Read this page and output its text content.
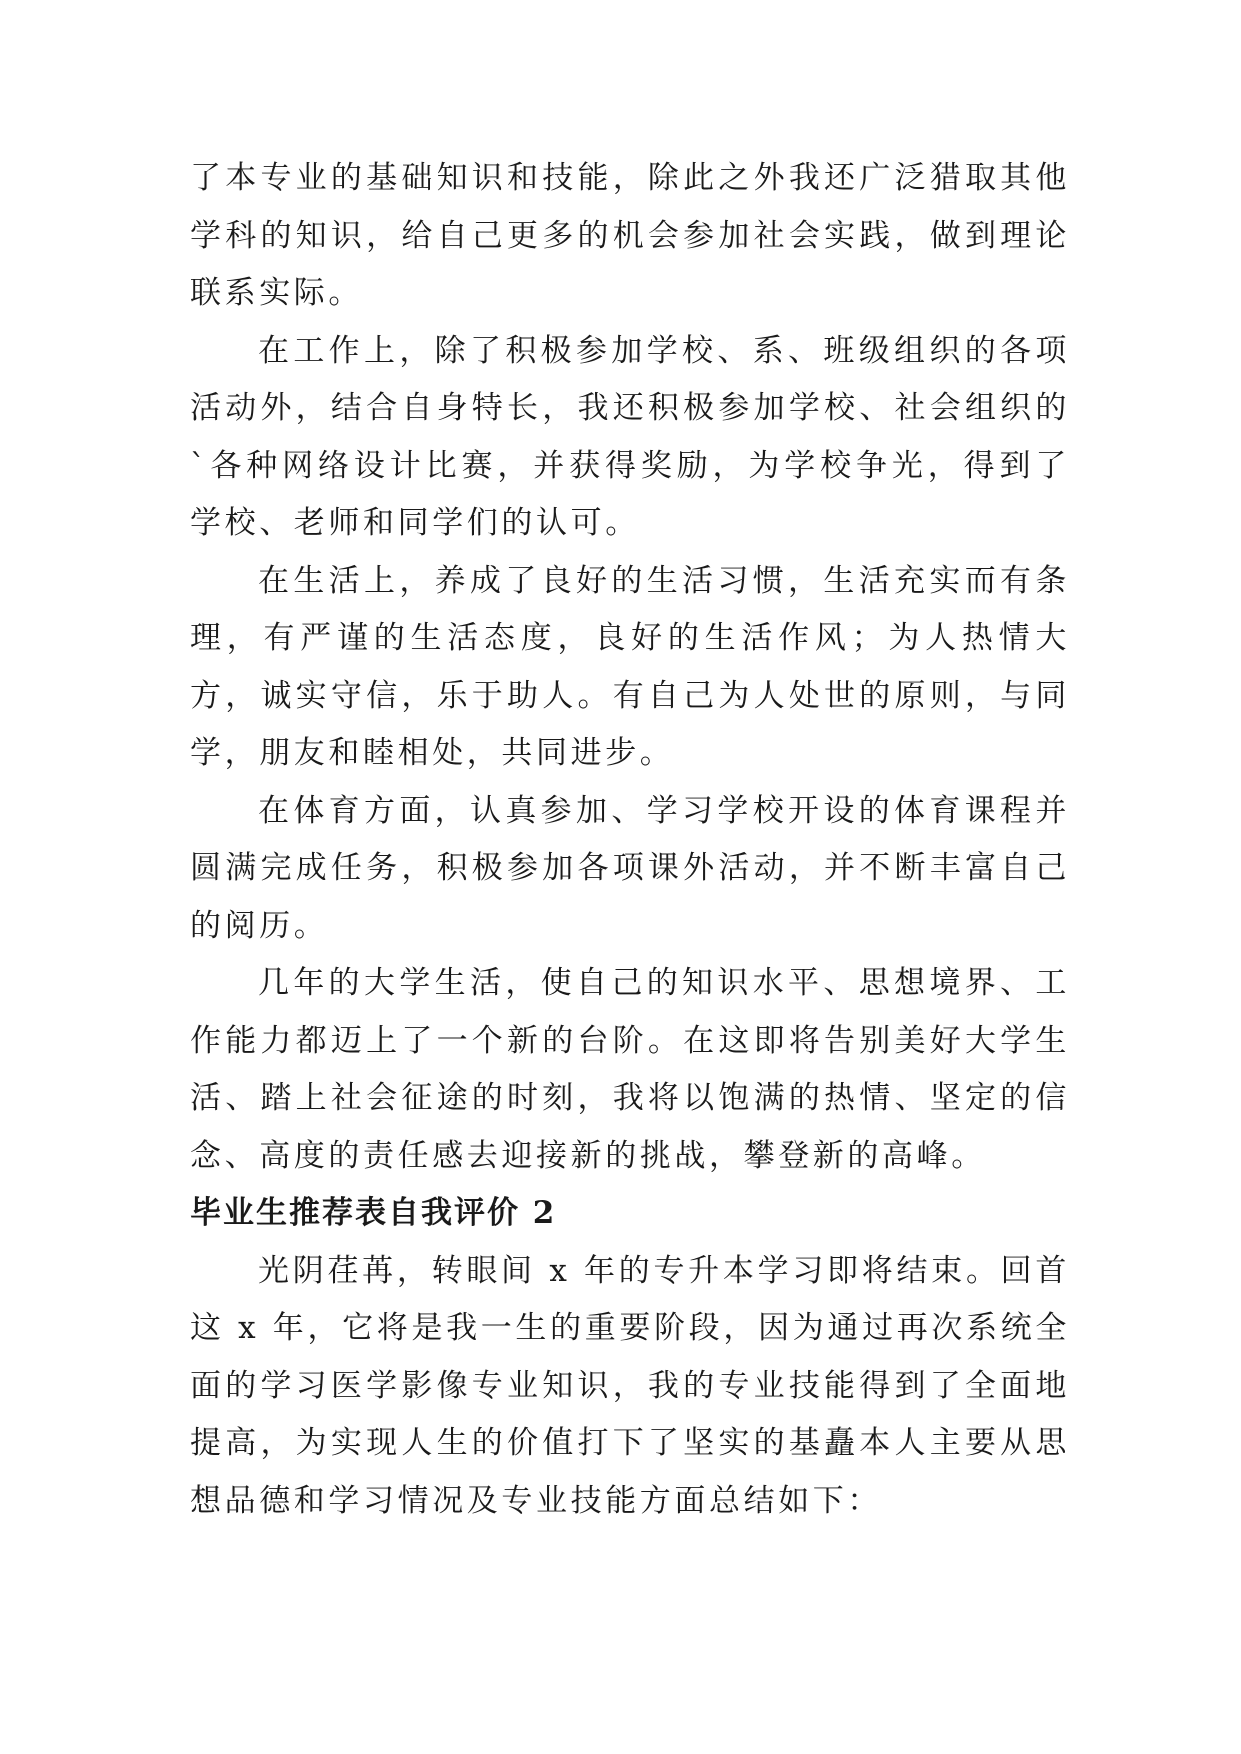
了本专业的基础知识和技能，除此之外我还广泛猎取其他学科的知识，给自己更多的机会参加社会实践，做到理论联系实际。

在工作上，除了积极参加学校、系、班级组织的各项活动外，结合自身特长，我还积极参加学校、社会组织的`各种网络设计比赛，并获得奖励，为学校争光，得到了学校、老师和同学们的认可。

在生活上，养成了良好的生活习惯，生活充实而有条理，有严谨的生活态度，良好的生活作风；为人热情大方，诚实守信，乐于助人。有自己为人处世的原则，与同学，朋友和睦相处，共同进步。

在体育方面，认真参加、学习学校开设的体育课程并圆满完成任务，积极参加各项课外活动，并不断丰富自己的阅历。

几年的大学生活，使自己的知识水平、思想境界、工作能力都迈上了一个新的台阶。在这即将告别美好大学生活、踏上社会征途的时刻，我将以饱满的热情、坚定的信念、高度的责任感去迎接新的挑战，攀登新的高峰。

毕业生推荐表自我评价 2

光阴荏苒，转眼间 x 年的专升本学习即将结束。回首这 x 年，它将是我一生的重要阶段，因为通过再次系统全面的学习医学影像专业知识，我的专业技能得到了全面地提高，为实现人生的价值打下了坚实的基矗本人主要从思想品德和学习情况及专业技能方面总结如下：
